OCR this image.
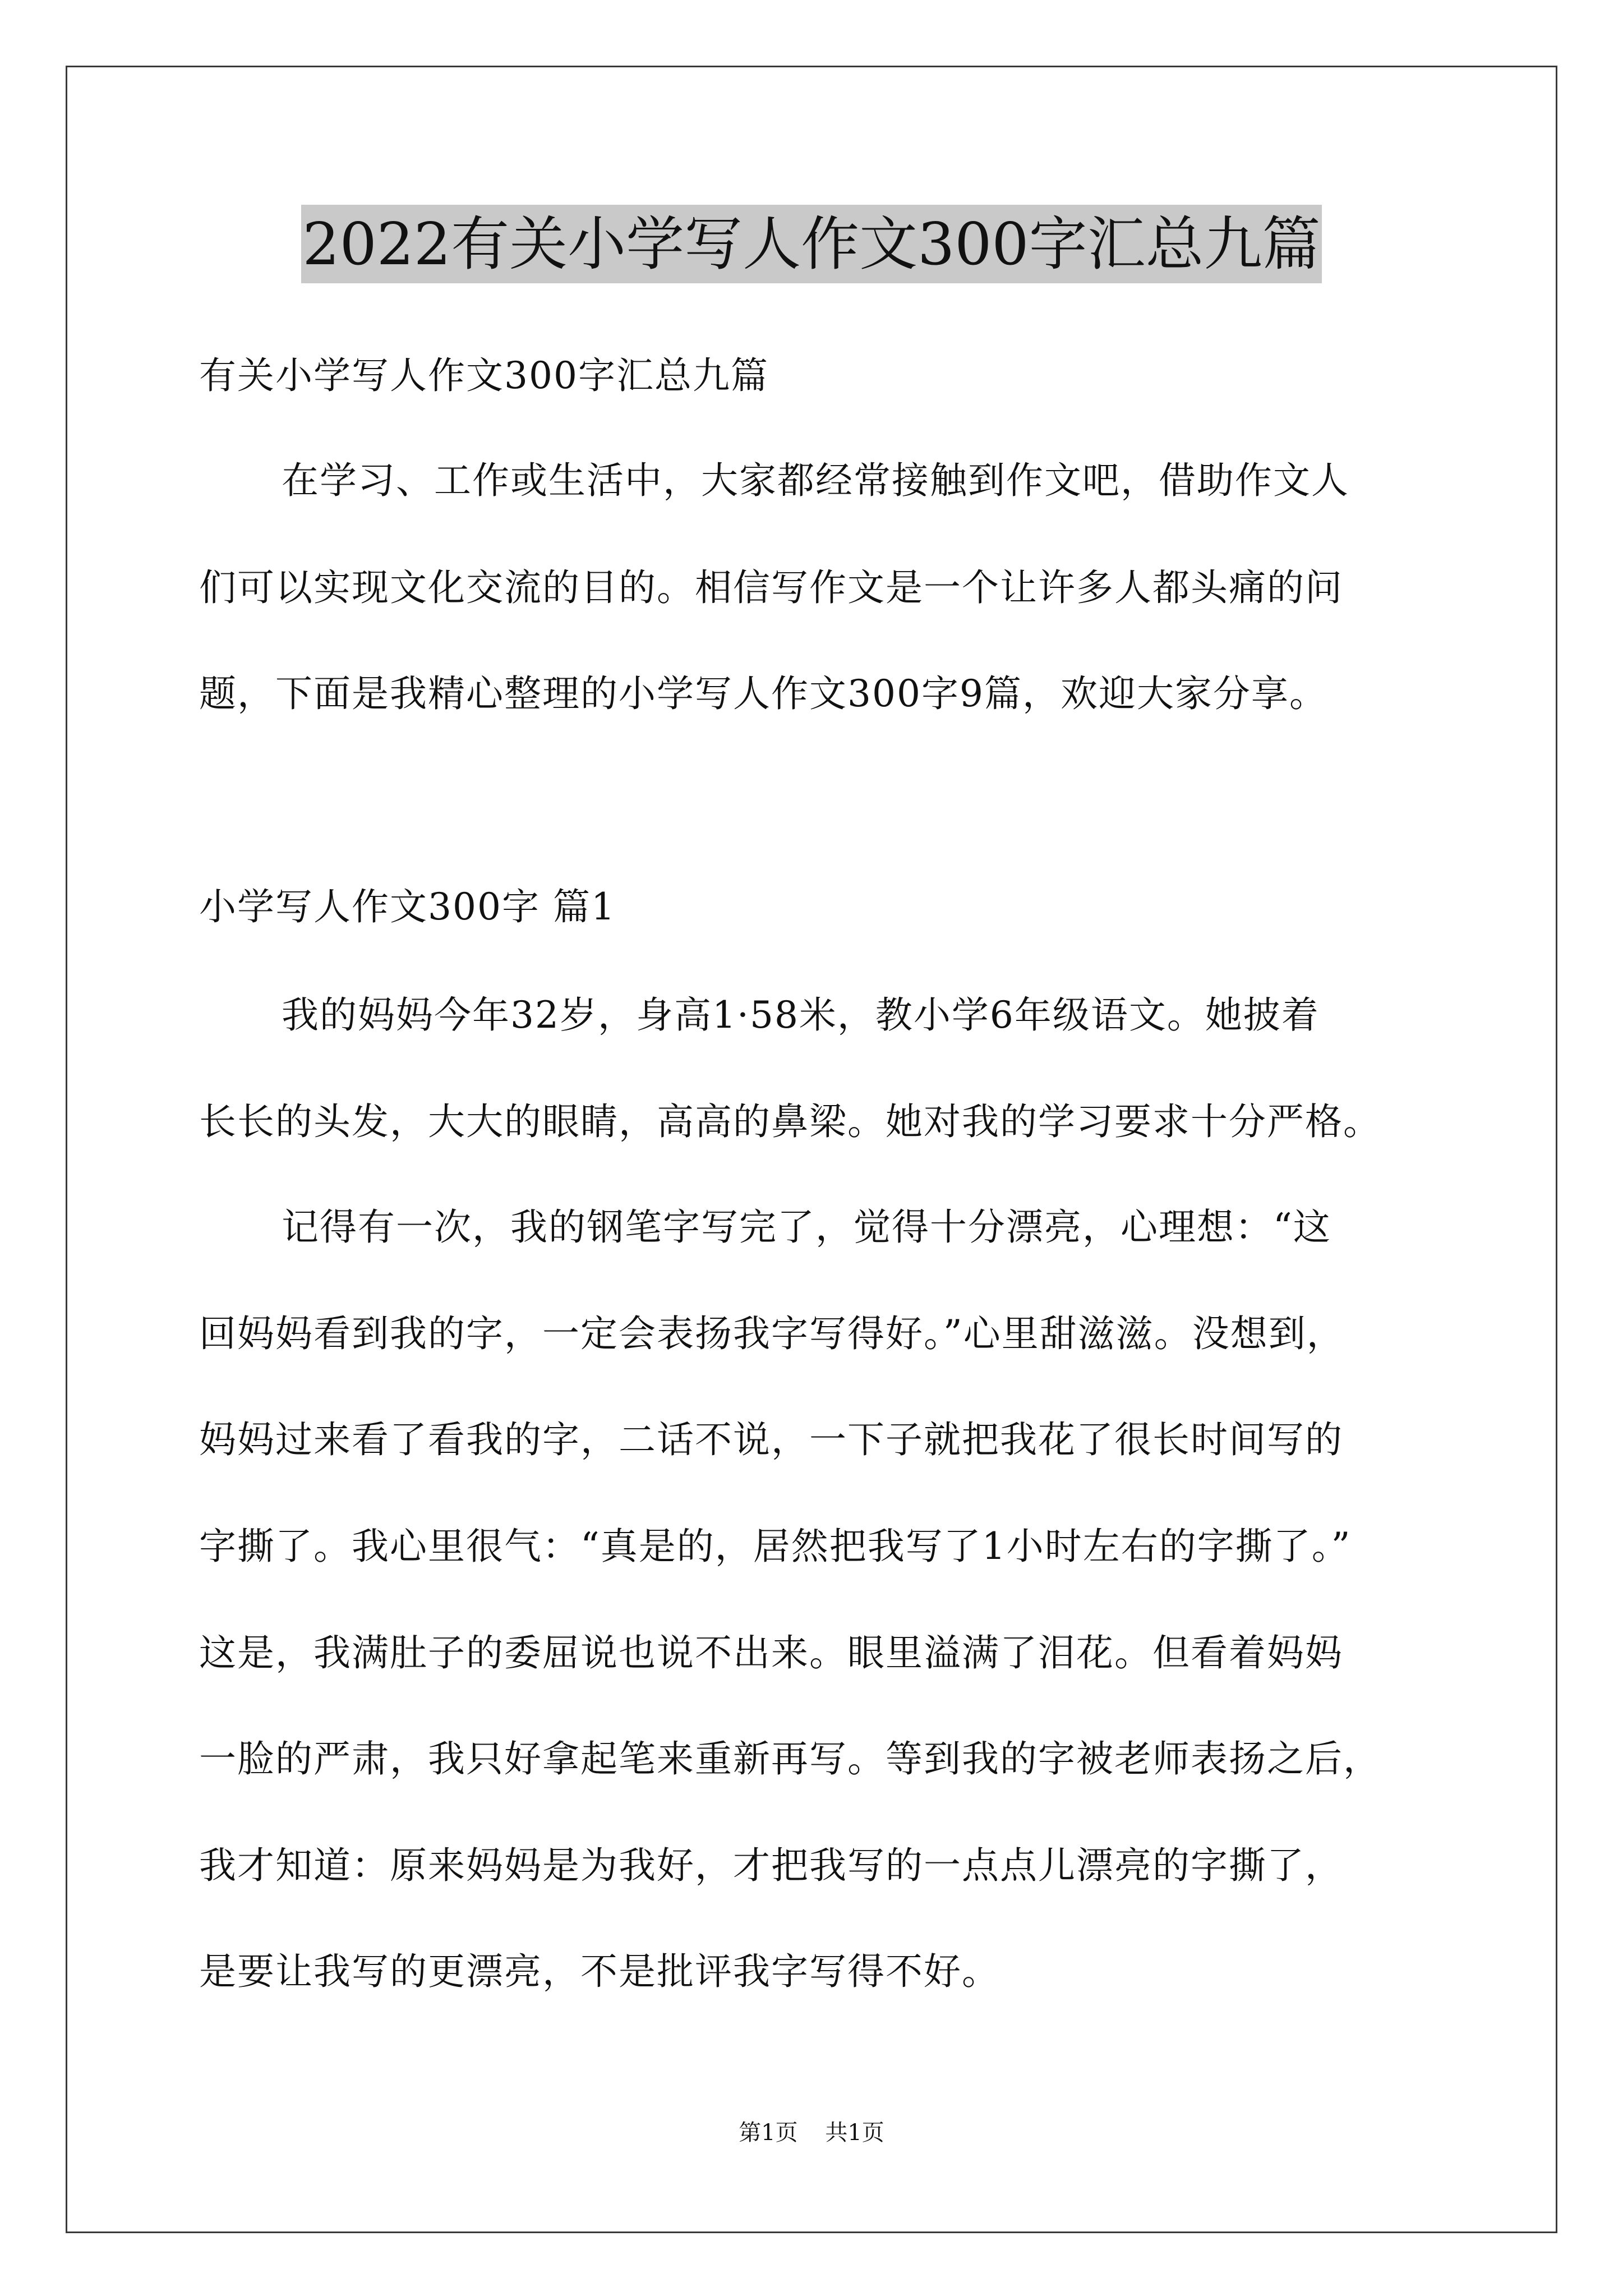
2022有关小学写人作文300字汇总九篇
有关小学写人作文300字汇总九篇
在学习、工作或生活中，大家都经常接触到作文吧，借助作文人
们可以实现文化交流的目的。相信写作文是一个让许多人都头痛的问
题，下面是我精心整理的小学写人作文300字9篇，欢迎大家分享。
小学写人作文300字 篇1
我的妈妈今年32岁，身高1·58米，教小学6年级语文。她披着
长长的头发，大大的眼睛，高高的鼻梁。她对我的学习要求十分严格。
记得有一次，我的钢笔字写完了，觉得十分漂亮，心理想：“这
回妈妈看到我的字，一定会表扬我字写得好。”心里甜滋滋。没想到，
妈妈过来看了看我的字，二话不说，一下子就把我花了很长时间写的
字撕了。我心里很气：“真是的，居然把我写了1小时左右的字撕了。”
这是，我满肚子的委屈说也说不出来。眼里溢满了泪花。但看着妈妈
一脸的严肃，我只好拿起笔来重新再写。等到我的字被老师表扬之后，
我才知道：原来妈妈是为我好，才把我写的一点点儿漂亮的字撕了，
是要让我写的更漂亮，不是批评我字写得不好。
第1页 共1页
